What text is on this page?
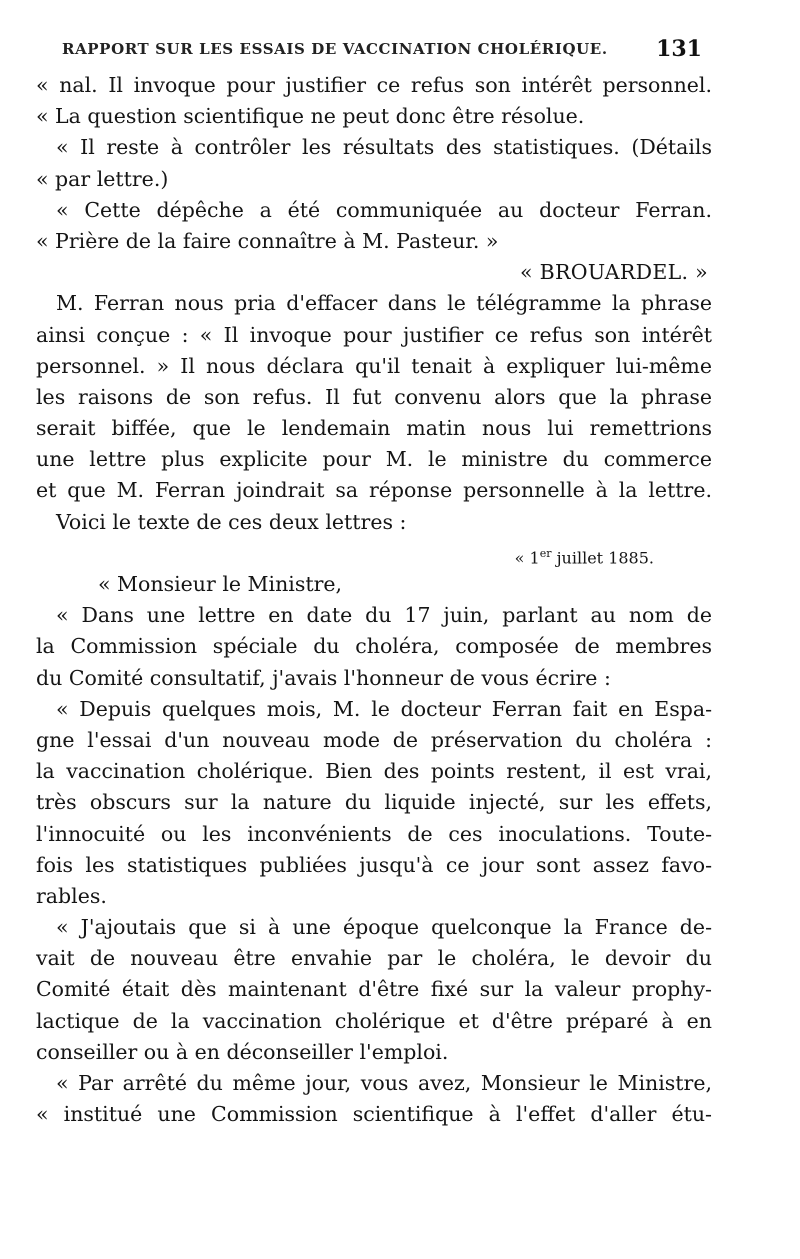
RAPPORT SUR LES ESSAIS DE VACCINATION CHOLÉRIQUE. 131
« nal. Il invoque pour justifier ce refus son intérêt personnel.
« La question scientifique ne peut donc être résolue.
« Il reste à contrôler les résultats des statistiques. (Détails
« par lettre.)
« Cette dépêche a été communiquée au docteur Ferran.
« Prière de la faire connaître à M. Pasteur. »
« BROUARDEL. »
M. Ferran nous pria d'effacer dans le télégramme la phrase
ainsi conçue : « Il invoque pour justifier ce refus son intérêt
personnel. » Il nous déclara qu'il tenait à expliquer lui-même
les raisons de son refus. Il fut convenu alors que la phrase
serait biffée, que le lendemain matin nous lui remettrions
une lettre plus explicite pour M. le ministre du commerce
et que M. Ferran joindrait sa réponse personnelle à la lettre.
Voici le texte de ces deux lettres :
« 1er juillet 1885.
« Monsieur le Ministre,
« Dans une lettre en date du 17 juin, parlant au nom de
la Commission spéciale du choléra, composée de membres
du Comité consultatif, j'avais l'honneur de vous écrire :
« Depuis quelques mois, M. le docteur Ferran fait en Espa-
gne l'essai d'un nouveau mode de préservation du choléra :
la vaccination cholérique. Bien des points restent, il est vrai,
très obscurs sur la nature du liquide injecté, sur les effets,
l'innocuité ou les inconvénients de ces inoculations. Toute-
fois les statistiques publiées jusqu'à ce jour sont assez favo-
rables.
« J'ajoutais que si à une époque quelconque la France de-
vait de nouveau être envahie par le choléra, le devoir du
Comité était dès maintenant d'être fixé sur la valeur prophy-
lactique de la vaccination cholérique et d'être préparé à en
conseiller ou à en déconseiller l'emploi.
« Par arrêté du même jour, vous avez, Monsieur le Ministre,
« institué une Commission scientifique à l'effet d'aller étu-
